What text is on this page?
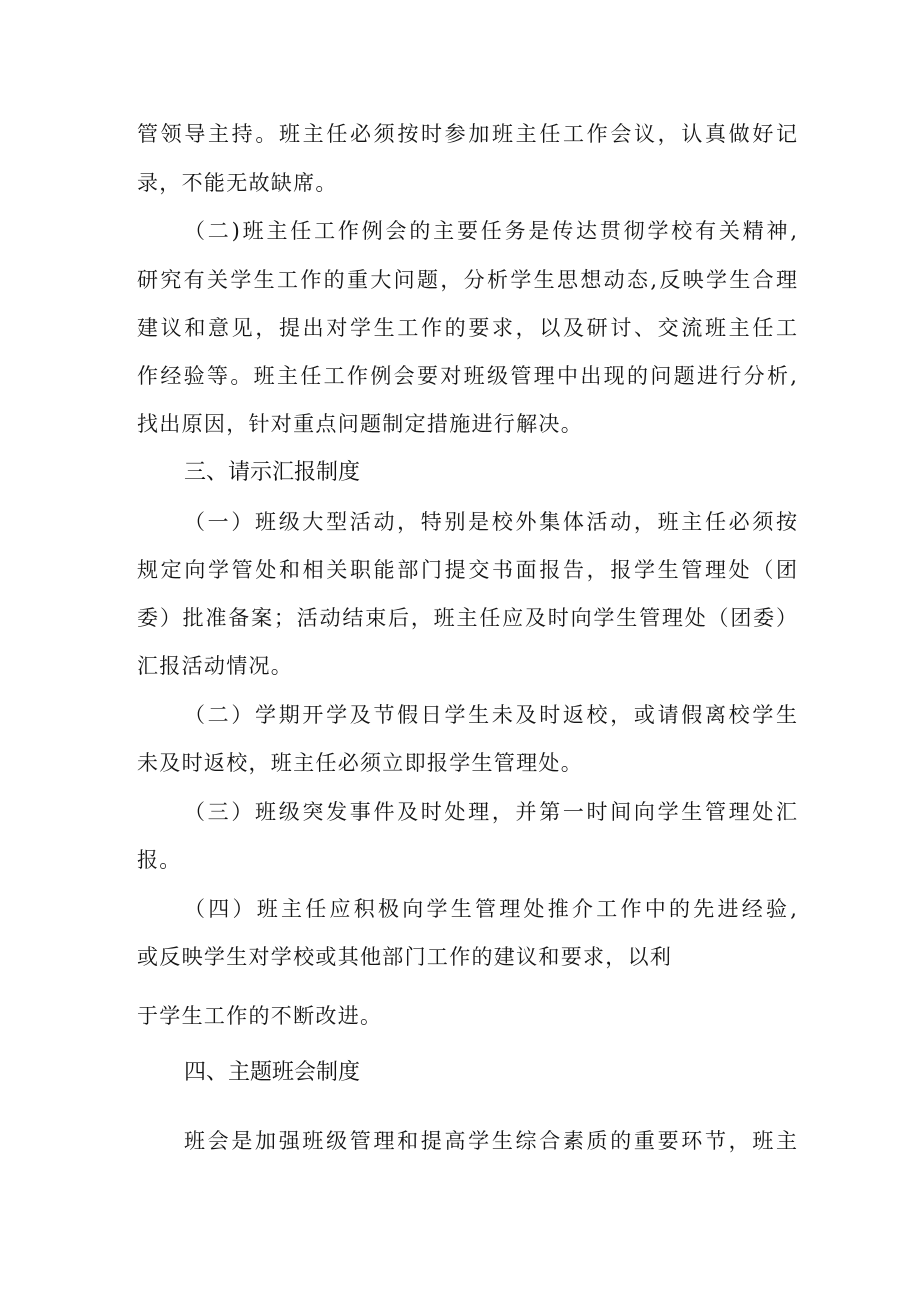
管领导主持。班主任必须按时参加班主任工作会议，认真做好记
录，不能无故缺席。
（二)班主任工作例会的主要任务是传达贯彻学校有关精神,
研究有关学生工作的重大问题，分析学生思想动态,反映学生合理
建议和意见，提出对学生工作的要求，以及研讨、交流班主任工
作经验等。班主任工作例会要对班级管理中出现的问题进行分析,
找出原因，针对重点问题制定措施进行解决。
三、请示汇报制度
（一）班级大型活动，特别是校外集体活动，班主任必须按
规定向学管处和相关职能部门提交书面报告，报学生管理处（团
委）批准备案；活动结束后，班主任应及时向学生管理处（团委）
汇报活动情况。
（二）学期开学及节假日学生未及时返校，或请假离校学生
未及时返校，班主任必须立即报学生管理处。
（三）班级突发事件及时处理，并第一时间向学生管理处汇
报。
（四）班主任应积极向学生管理处推介工作中的先进经验,
或反映学生对学校或其他部门工作的建议和要求，以利
于学生工作的不断改进。
四、主题班会制度
班会是加强班级管理和提高学生综合素质的重要环节，班主
